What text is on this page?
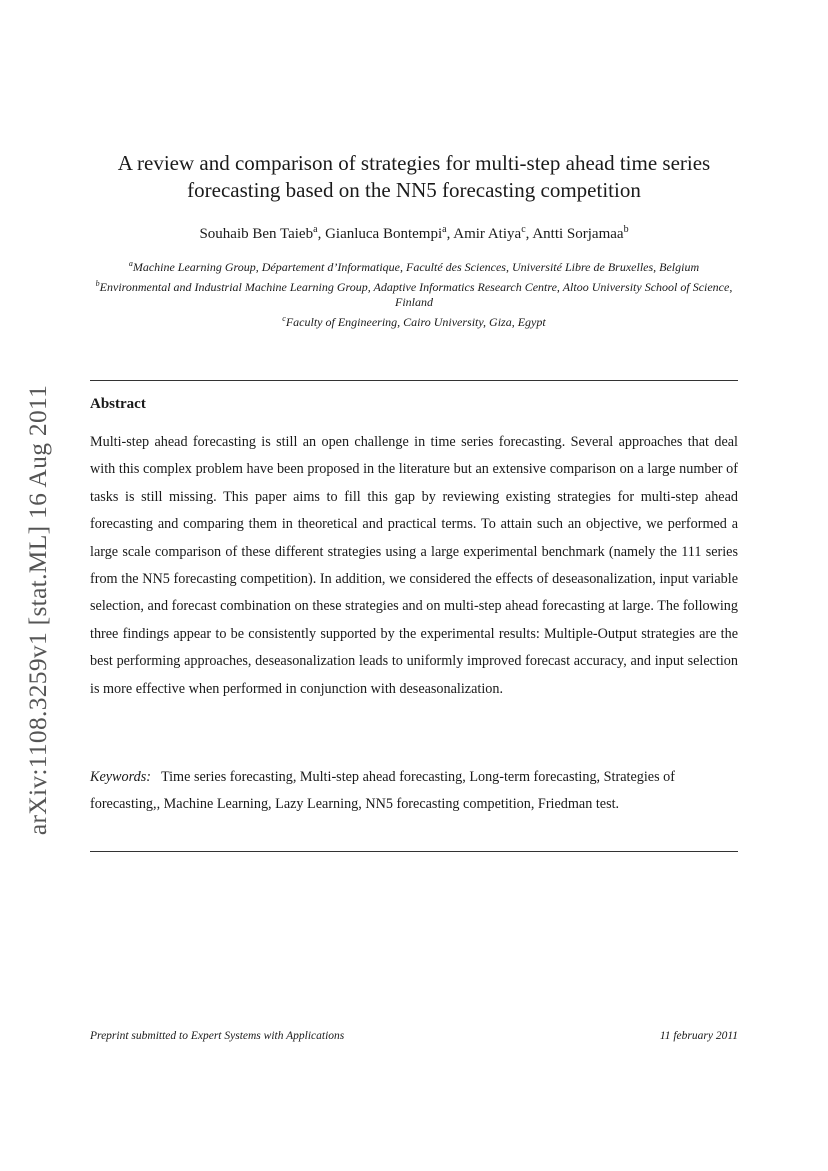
arXiv:1108.3259v1 [stat.ML] 16 Aug 2011
A review and comparison of strategies for multi-step ahead time series
forecasting based on the NN5 forecasting competition
Souhaib Ben Taieb$^a$, Gianluca Bontempi$^a$, Amir Atiya$^c$, Antti Sorjamaa$^b$
$^a$Machine Learning Group, Département d’Informatique, Faculté des Sciences, Université Libre de Bruxelles, Belgium
$^b$Environmental and Industrial Machine Learning Group, Adaptive Informatics Research Centre, Altoo University School of Science, Finland
$^c$Faculty of Engineering, Cairo University, Giza, Egypt
Abstract
Multi-step ahead forecasting is still an open challenge in time series forecasting. Several approaches that deal with this complex problem have been proposed in the literature but an extensive comparison on a large number of tasks is still missing. This paper aims to fill this gap by reviewing existing strategies for multi-step ahead forecasting and comparing them in theoretical and practical terms. To attain such an objective, we performed a large scale comparison of these different strategies using a large experimental benchmark (namely the 111 series from the NN5 forecasting competition). In addition, we considered the effects of deseasonalization, input variable selection, and forecast combination on these strategies and on multi-step ahead forecasting at large. The following three findings appear to be consistently supported by the experimental results: Multiple-Output strategies are the best performing approaches, deseasonalization leads to uniformly improved forecast accuracy, and input selection is more effective when performed in conjunction with deseasonalization.
Keywords: Time series forecasting, Multi-step ahead forecasting, Long-term forecasting, Strategies of forecasting,, Machine Learning, Lazy Learning, NN5 forecasting competition, Friedman test.
Preprint submitted to Expert Systems with Applications	11 february 2011
